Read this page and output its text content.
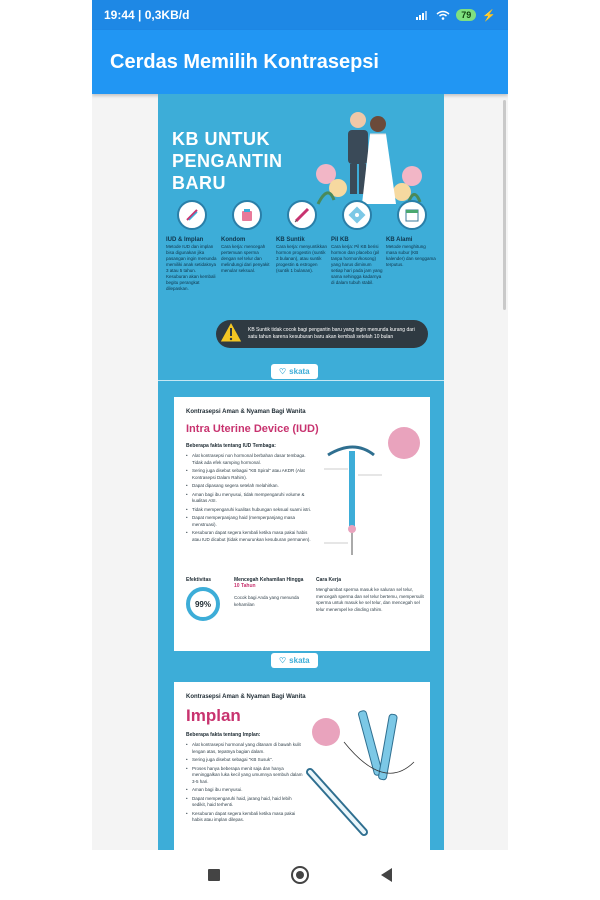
19:44 | 0,3KB/d	79	⚡
Cerdas Memilih Kontrasepsi
KB UNTUK
PENGANTIN
BARU
IUD & Implan
Metode IUD dan implan bisa digunakan jika pasangan ingin menunda memiliki anak setidaknya 3 atau 5 tahun. Kesuburan akan kembali begitu perangkat dilepaskan.
Kondom
Cara kerja: mencegah pertemuan sperma dengan sel telur dan melindungi dari penyakit menular seksual.
KB Suntik
Cara kerja: menyuntikkan hormon progestin (suntik 3 bulanan), atau suntik progestin & estrogen (suntik 1 bulanan).
Pil KB
Cara kerja: Pil KB berisi hormon dan placebo (pil tanpa hormon/kosong) yang harus diminum setiap hari pada jam yang sama sehingga kadarnya di dalam tubuh stabil.
KB Alami
Metode menghitung masa subur (KB kalender) dan senggama terputus.
KB Suntik tidak cocok bagi pengantin baru yang ingin menunda kurang dari satu tahun karena kesuburan baru akan kembali setelah 10 bulan
♡ skata
Kontrasepsi Aman & Nyaman Bagi Wanita
Intra Uterine Device (IUD)
Beberapa fakta tentang IUD Tembaga:
• Alat kontrasepsi non hormonal berbahan dasar tembaga. Tidak ada efek samping hormonal.
• Sering juga disebut sebagai "KB Spiral" atau AKDR (Alat Kontrasepsi Dalam Rahim).
• Dapat dipasang segera setelah melahirkan.
• Aman bagi ibu menyusui, tidak mempengaruhi volume & kualitas ASI.
• Tidak mempengaruhi kualitas hubungan seksual suami istri.
• Dapat memperpanjang haid (memperpanjang masa menstruasi).
• Kesuburan dapat segera kembali ketika masa pakai habis atau IUD dicabut (tidak menurunkan kesuburan permanen).
Efektivitas
99%
Mencegah Kehamilan Hingga 10 Tahun
Cocok bagi Anda yang menunda kehamilan
Cara Kerja
Menghambat sperma masuk ke saluran sel telur, mencegah sperma dan sel telur bertemu, mempersulit sperma untuk masuk ke sel telur, dan mencegah sel telur menempel ke dinding rahim.
♡ skata
Kontrasepsi Aman & Nyaman Bagi Wanita
Implan
Beberapa fakta tentang Implan:
• Alat kontrasepsi hormonal yang ditanam di bawah kulit lengan atas, tepatnya bagian dalam.
• Sering juga disebut sebagai "KB Susuk".
• Proses hanya beberapa menit saja dan hanya meninggalkan luka kecil yang umumnya sembuh dalam 3-5 hari.
• Aman bagi ibu menyusui.
• Dapat mempengaruhi haid, jarang haid, haid lebih sedikit, haid terhenti.
• Kesuburan dapat segera kembali ketika masa pakai habis atau implan dilepas.
